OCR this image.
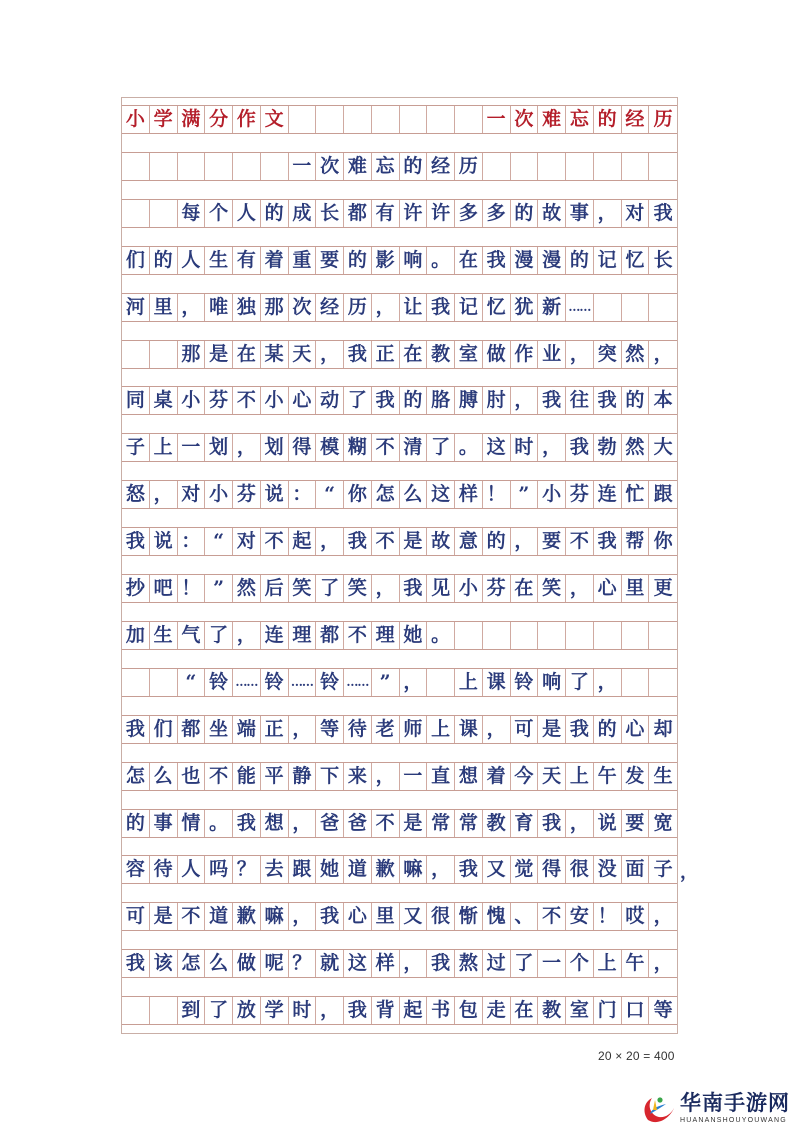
小 学 满 分 作 文	一 次 难 忘 的 经 历
一 次 难 忘 的 经 历
每 个 人 的 成 长 都 有 许 许 多 多 的 故 事 ， 对 我
们 的 人 生 有 着 重 要 的 影 响 。 在 我 漫 漫 的 记 忆 长
河 里 ， 唯 独 那 次 经 历 ， 让 我 记 忆 犹 新 ……
那 是 在 某 天 ， 我 正 在 教 室 做 作 业 ， 突 然 ，
同 桌 小 芬 不 小 心 动 了 我 的 胳 膊 肘 ， 我 往 我 的 本
子 上 一 划 ， 划 得 模 糊 不 清 了 。 这 时 ， 我 勃 然 大
怒 ， 对 小 芬 说 ： “ 你 怎 么 这 样 ！ ” 小 芬 连 忙 跟
我 说 ： “ 对 不 起 ， 我 不 是 故 意 的 ， 要 不 我 帮 你
抄 吧 ！ ” 然 后 笑 了 笑 ， 我 见 小 芬 在 笑 ， 心 里 更
加 生 气 了 ， 连 理 都 不 理 她 。
“ 铃 …… 铃 …… 铃 …… ” ， 上 课 铃 响 了 ，
我 们 都 坐 端 正 ， 等 待 老 师 上 课 ， 可 是 我 的 心 却
怎 么 也 不 能 平 静 下 来 ， 一 直 想 着 今 天 上 午 发 生
的 事 情 。 我 想 ， 爸 爸 不 是 常 常 教 育 我 ， 说 要 宽
容 待 人 吗 ？ 去 跟 她 道 歉 嘛 ， 我 又 觉 得 很 没 面 子
可 是 不 道 歉 嘛 ， 我 心 里 又 很 惭 愧 、 不 安 ！ 哎 ，
我 该 怎 么 做 呢 ？ 就 这 样 ， 我 熬 过 了 一 个 上 午 ，
到 了 放 学 时 ， 我 背 起 书 包 走 在 教 室 门 口 等
20 × 20 = 400
华南手游网
HUANANSHOUYOUWANG
，
